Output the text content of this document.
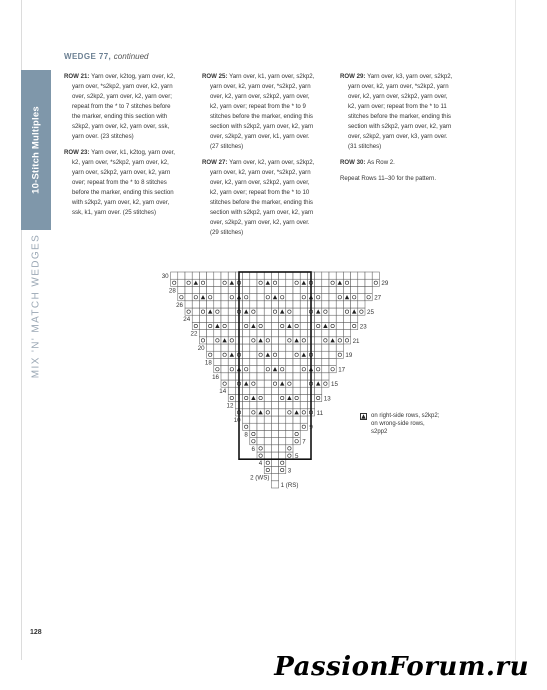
10-Stitch Multiples
MIX 'N' MATCH WEDGES
WEDGE 77, continued
ROW 21: Yarn over, k2tog, yarn over, k2,
yarn over, *s2kp2, yarn over, k2, yarn
over, s2kp2, yarn over, k2, yarn over;
repeat from the * to 7 stitches before
the marker, ending this section with
s2kp2, yarn over, k2, yarn over, ssk,
yarn over. (23 stitches)
ROW 23: Yarn over, k1, k2tog, yarn over,
k2, yarn over, *s2kp2, yarn over, k2,
yarn over, s2kp2, yarn over, k2, yarn
over; repeat from the * to 8 stitches
before the marker, ending this section
with s2kp2, yarn over, k2, yarn over,
ssk, k1, yarn over. (25 stitches)
ROW 25: Yarn over, k1, yarn over, s2kp2,
yarn over, k2, yarn over, *s2kp2, yarn
over, k2, yarn over, s2kp2, yarn over,
k2, yarn over; repeat from the * to 9
stitches before the marker, ending this
section with s2kp2, yarn over, k2, yarn
over, s2kp2, yarn over, k1, yarn over.
(27 stitches)
ROW 27: Yarn over, k2, yarn over, s2kp2,
yarn over, k2, yarn over, *s2kp2, yarn
over, k2, yarn over, s2kp2, yarn over,
k2, yarn over; repeat from the * to 10
stitches before the marker, ending this
section with s2kp2, yarn over, k2, yarn
over, s2kp2, yarn over, k2, yarn over.
(29 stitches)
ROW 29: Yarn over, k3, yarn over, s2kp2,
yarn over, k2, yarn over, *s2kp2, yarn
over, k2, yarn over, s2kp2, yarn over,
k2, yarn over; repeat from the * to 11
stitches before the marker, ending this
section with s2kp2, yarn over, k2, yarn
over, s2kp2, yarn over, k3, yarn over.
(31 stitches)
ROW 30: As Row 2.
Repeat Rows 11–30 for the pattern.
1 (RS)
2 (WS)
3
4
5
6
7
8
9
10
11
12
13
14
15
16
17
18
19
20
21
22
23
24
25
26
27
28
29
30
on right-side rows, s2kp2; on wrong-side rows, s2pp2
128
PassionForum.ru
